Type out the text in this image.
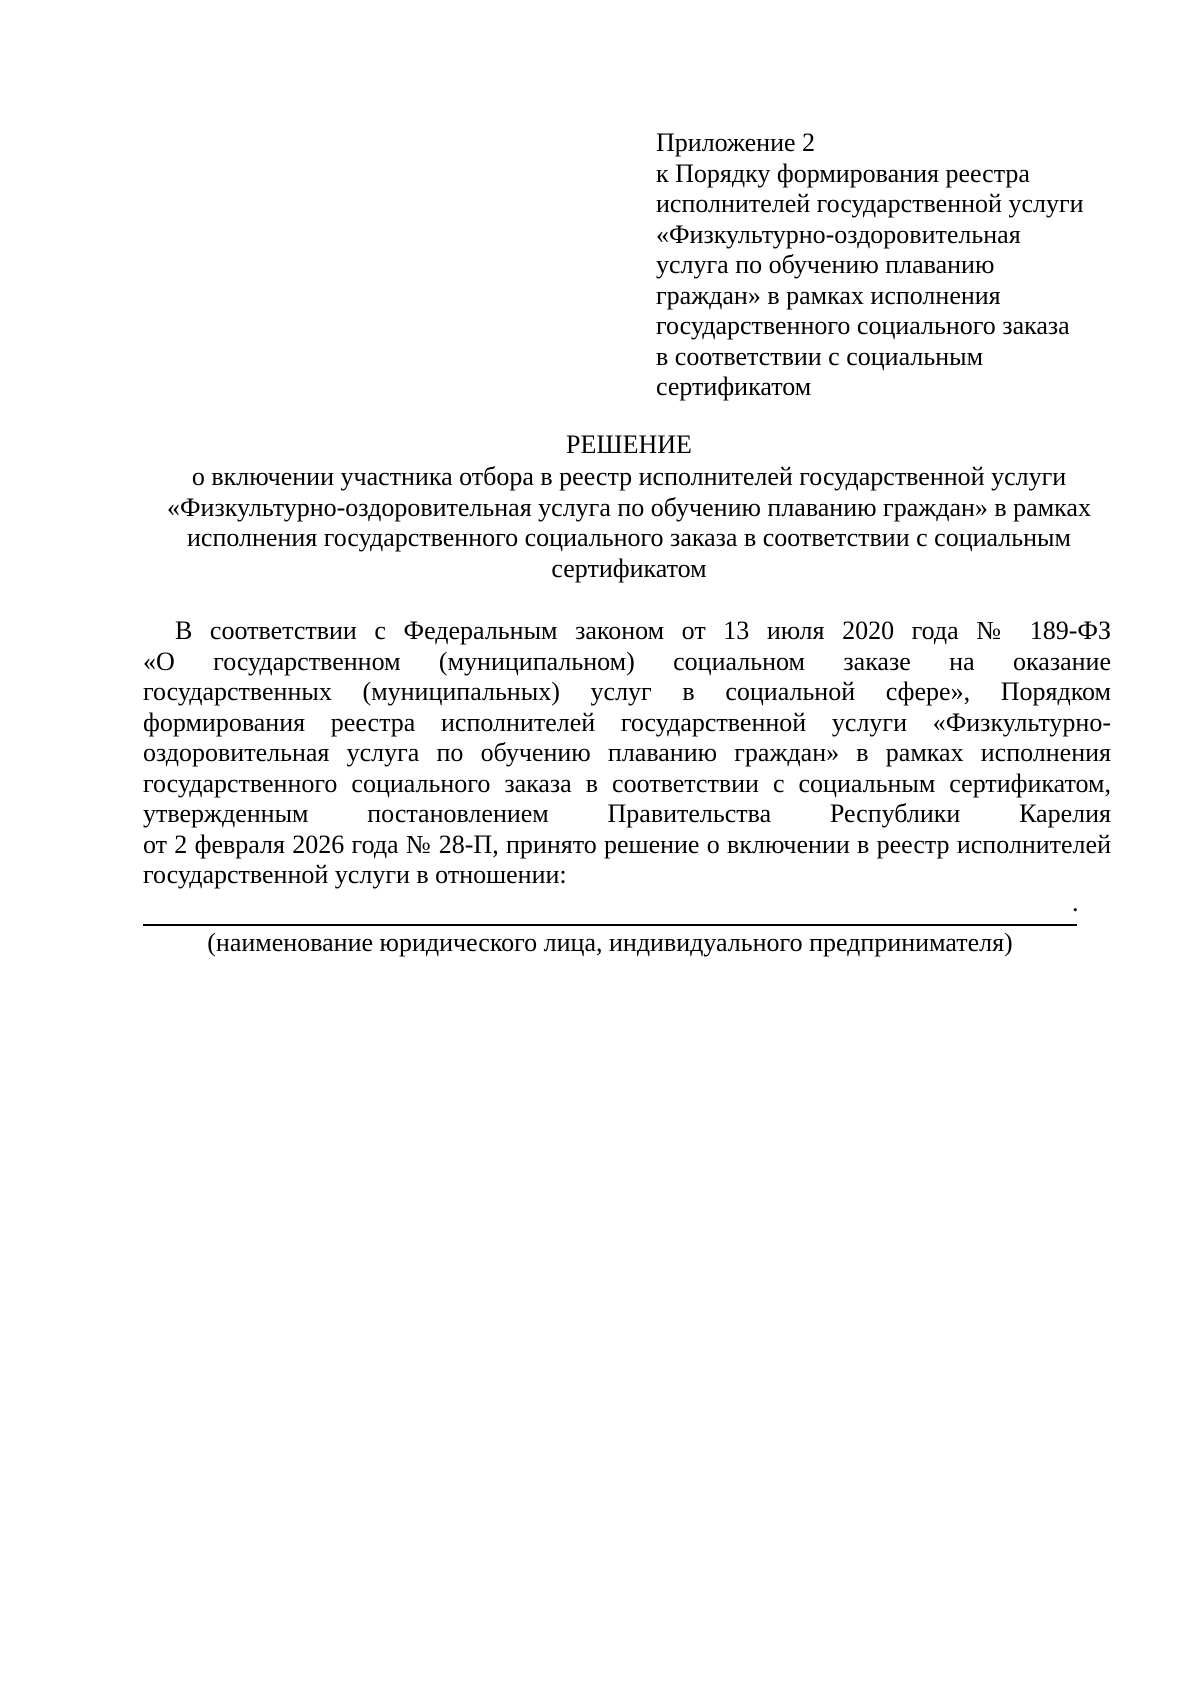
Приложение 2
к Порядку формирования реестра
исполнителей государственной услуги
«Физкультурно-оздоровительная
услуга по обучению плаванию
граждан» в рамках исполнения
государственного социального заказа
в соответствии с социальным
сертификатом
РЕШЕНИЕ
о включении участника отбора в реестр исполнителей государственной услуги
«Физкультурно-оздоровительная услуга по обучению плаванию граждан» в рамках
исполнения государственного социального заказа в соответствии с социальным
сертификатом
В соответствии с Федеральным законом от 13 июля 2020 года № 189-ФЗ
«О государственном (муниципальном) социальном заказе на оказание
государственных (муниципальных) услуг в социальной сфере», Порядком
формирования реестра исполнителей государственной услуги «Физкультурно-
оздоровительная услуга по обучению плаванию граждан» в рамках исполнения
государственного социального заказа в соответствии с социальным сертификатом,
утвержденным постановлением Правительства Республики Карелия
от 2 февраля 2026 года № 28-П, принято решение о включении в реестр исполнителей
государственной услуги в отношении:
.
(наименование юридического лица, индивидуального предпринимателя)
